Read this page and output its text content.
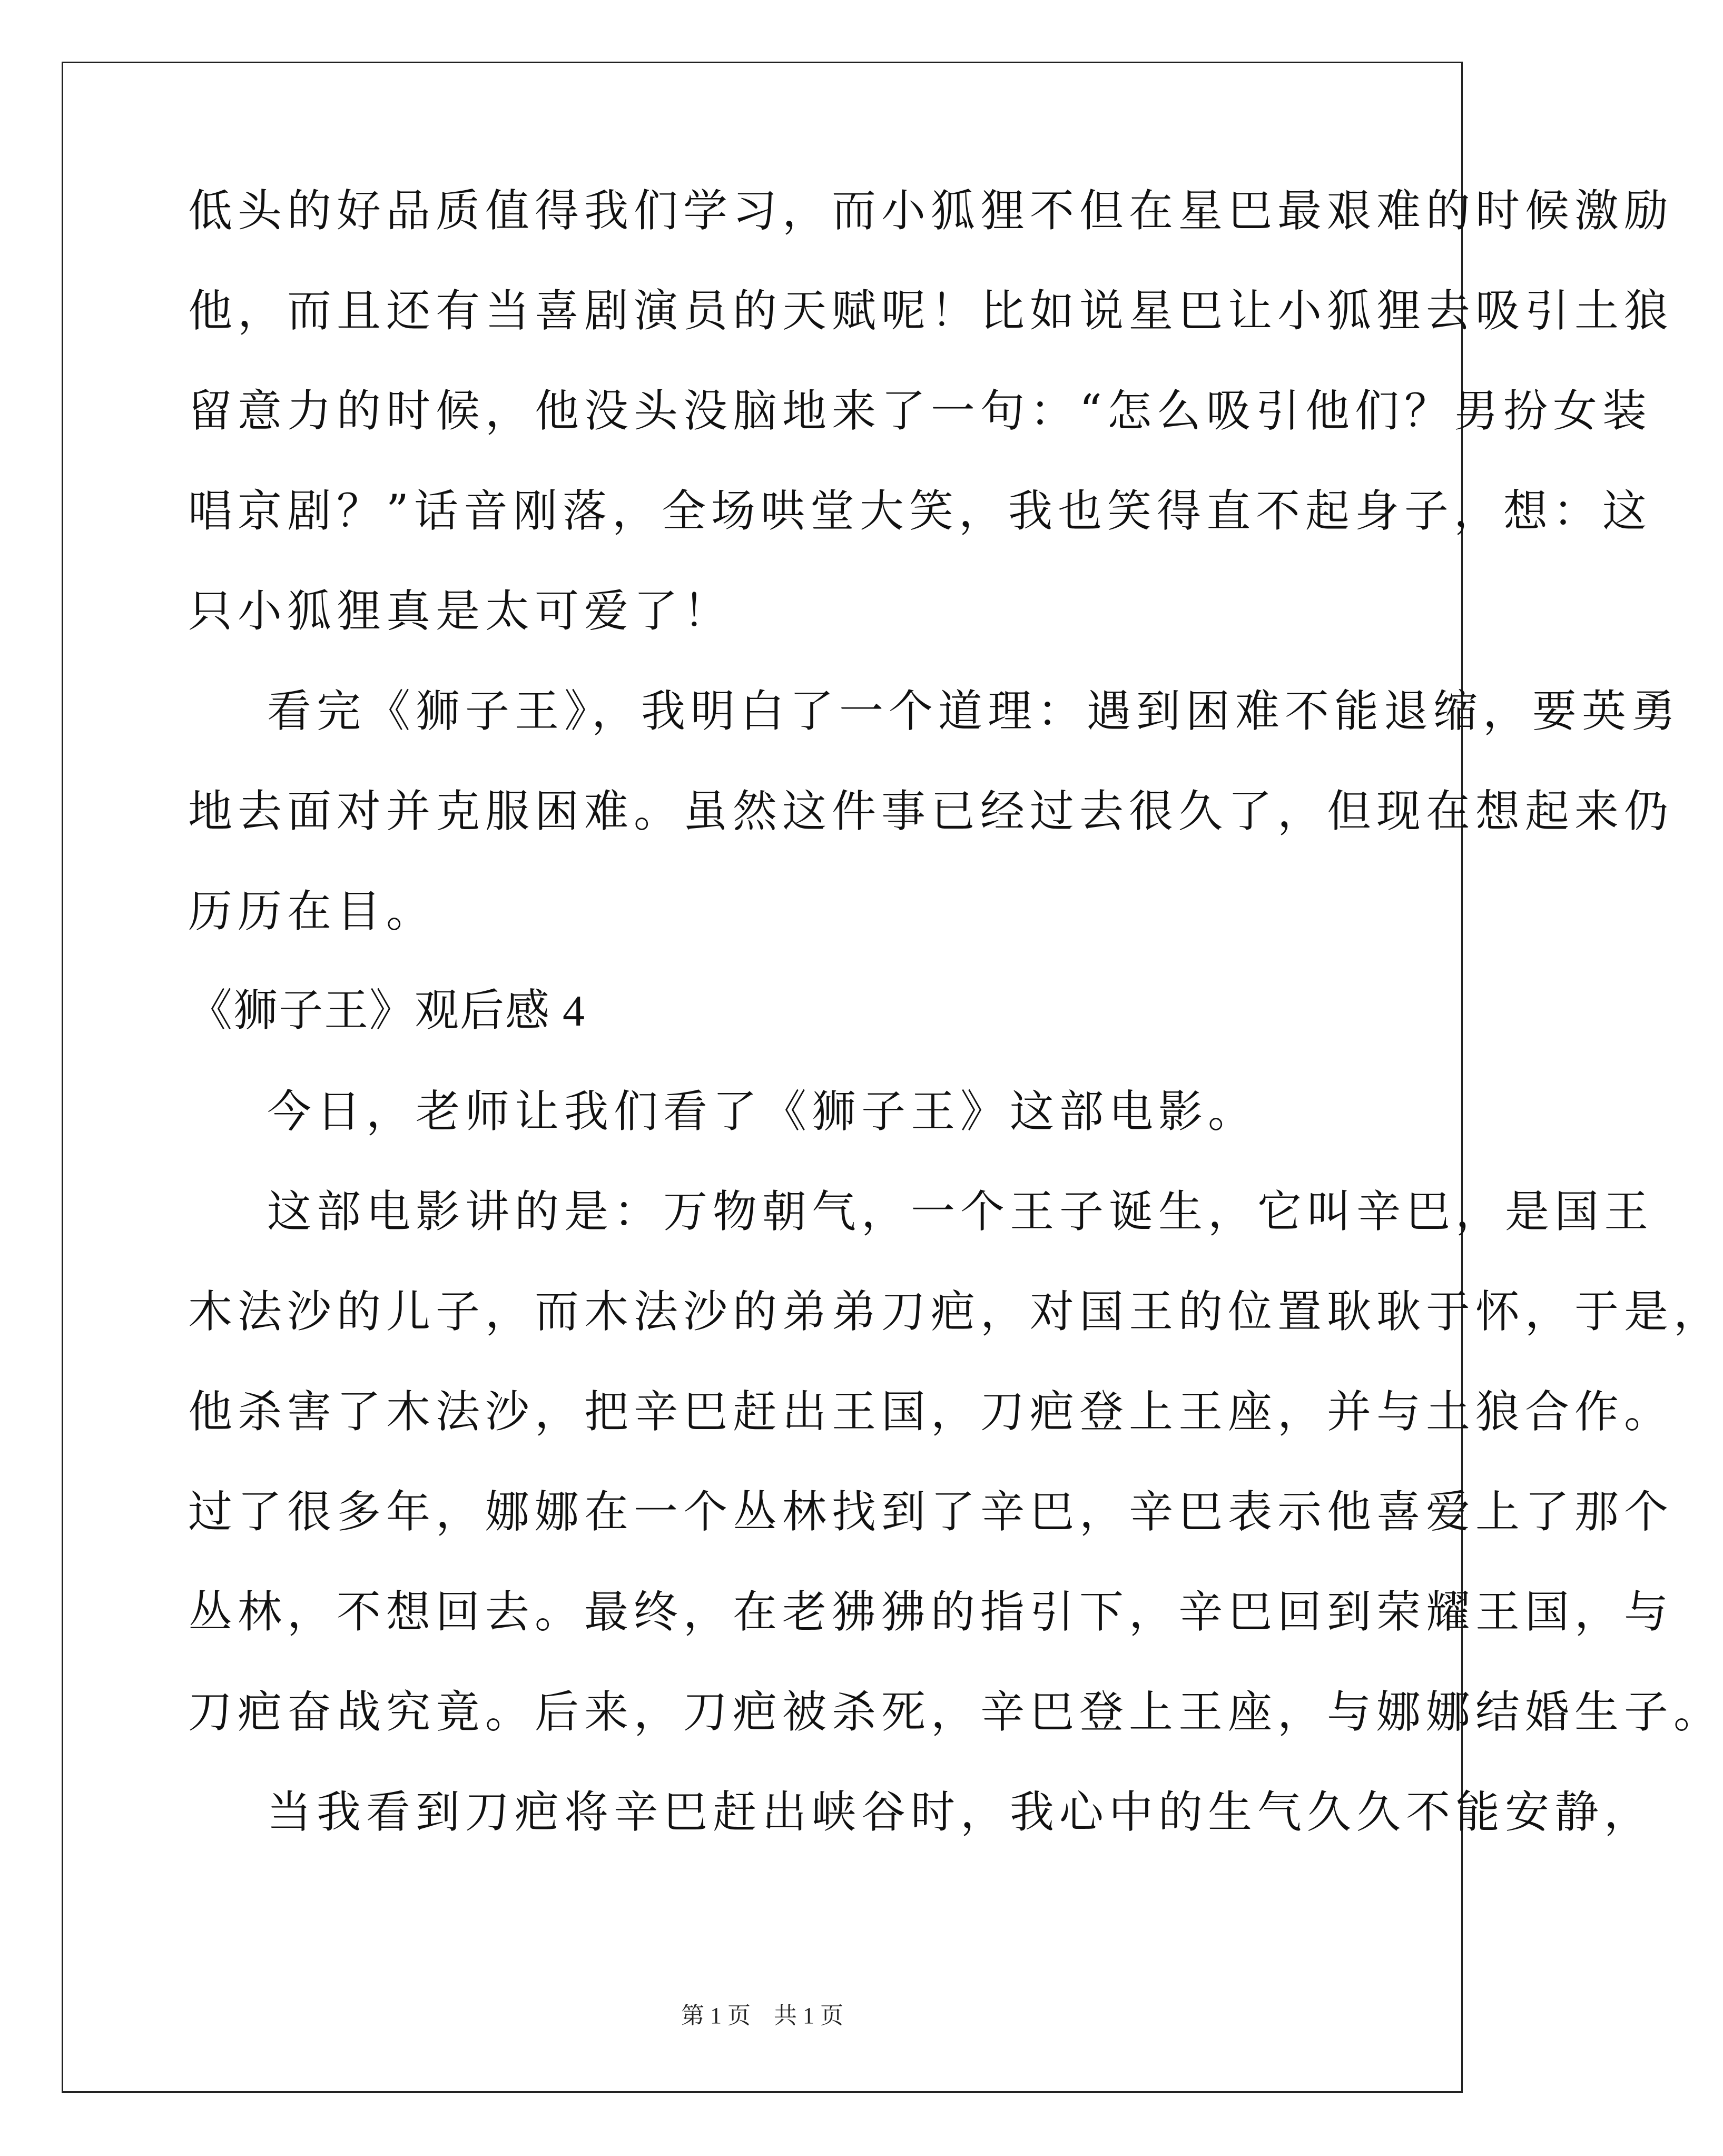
低头的好品质值得我们学习，而小狐狸不但在星巴最艰难的时候激励
他，而且还有当喜剧演员的天赋呢！比如说星巴让小狐狸去吸引土狼
留意力的时候，他没头没脑地来了一句：“怎么吸引他们？男扮女装
唱京剧？”话音刚落，全场哄堂大笑，我也笑得直不起身子，想：这
只小狐狸真是太可爱了！
看完《狮子王》，我明白了一个道理：遇到困难不能退缩，要英勇
地去面对并克服困难。虽然这件事已经过去很久了，但现在想起来仍
历历在目。
《狮子王》观后感 4
今日，老师让我们看了《狮子王》这部电影。
这部电影讲的是：万物朝气，一个王子诞生，它叫辛巴，是国王
木法沙的儿子，而木法沙的弟弟刀疤，对国王的位置耿耿于怀，于是，
他杀害了木法沙，把辛巴赶出王国，刀疤登上王座，并与土狼合作。
过了很多年，娜娜在一个丛林找到了辛巴，辛巴表示他喜爱上了那个
丛林，不想回去。最终，在老狒狒的指引下，辛巴回到荣耀王国，与
刀疤奋战究竟。后来，刀疤被杀死，辛巴登上王座，与娜娜结婚生子。
当我看到刀疤将辛巴赶出峡谷时，我心中的生气久久不能安静，
第 1 页　共 1 页
